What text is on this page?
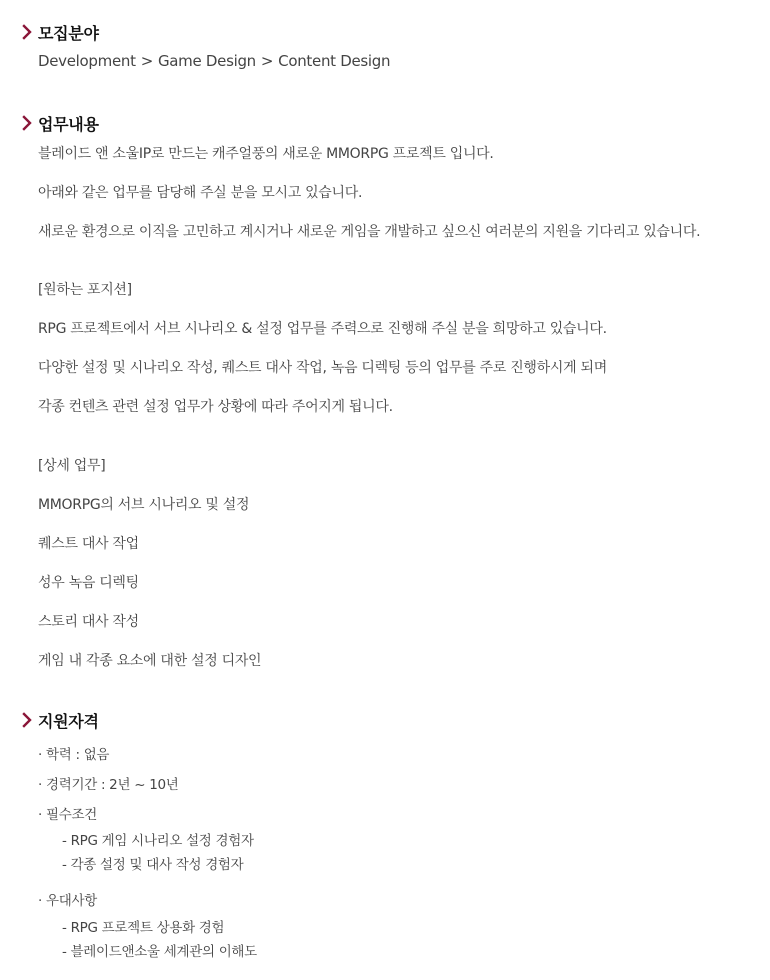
모집분야
Development > Game Design > Content Design
업무내용
블레이드 앤 소울IP로 만드는 캐주얼풍의 새로운 MMORPG 프로젝트 입니다.
아래와 같은 업무를 담당해 주실 분을 모시고 있습니다.
새로운 환경으로 이직을 고민하고 계시거나 새로운 게임을 개발하고 싶으신 여러분의 지원을 기다리고 있습니다.
[원하는 포지션]
RPG 프로젝트에서 서브 시나리오 & 설정 업무를 주력으로 진행해 주실 분을 희망하고 있습니다.
다양한 설정 및 시나리오 작성, 퀘스트 대사 작업, 녹음 디렉팅 등의 업무를 주로 진행하시게 되며
각종 컨텐츠 관련 설정 업무가 상황에 따라 주어지게 됩니다.
[상세 업무]
MMORPG의 서브 시나리오 및 설정
퀘스트 대사 작업
성우 녹음 디렉팅
스토리 대사 작성
게임 내 각종 요소에 대한 설정 디자인
지원자격
· 학력 : 없음
· 경력기간 : 2년 ~ 10년
· 필수조건
- RPG 게임 시나리오 설정 경험자
- 각종 설정 및 대사 작성 경험자
· 우대사항
- RPG 프로젝트 상용화 경험
- 블레이드앤소울 세계관의 이해도
